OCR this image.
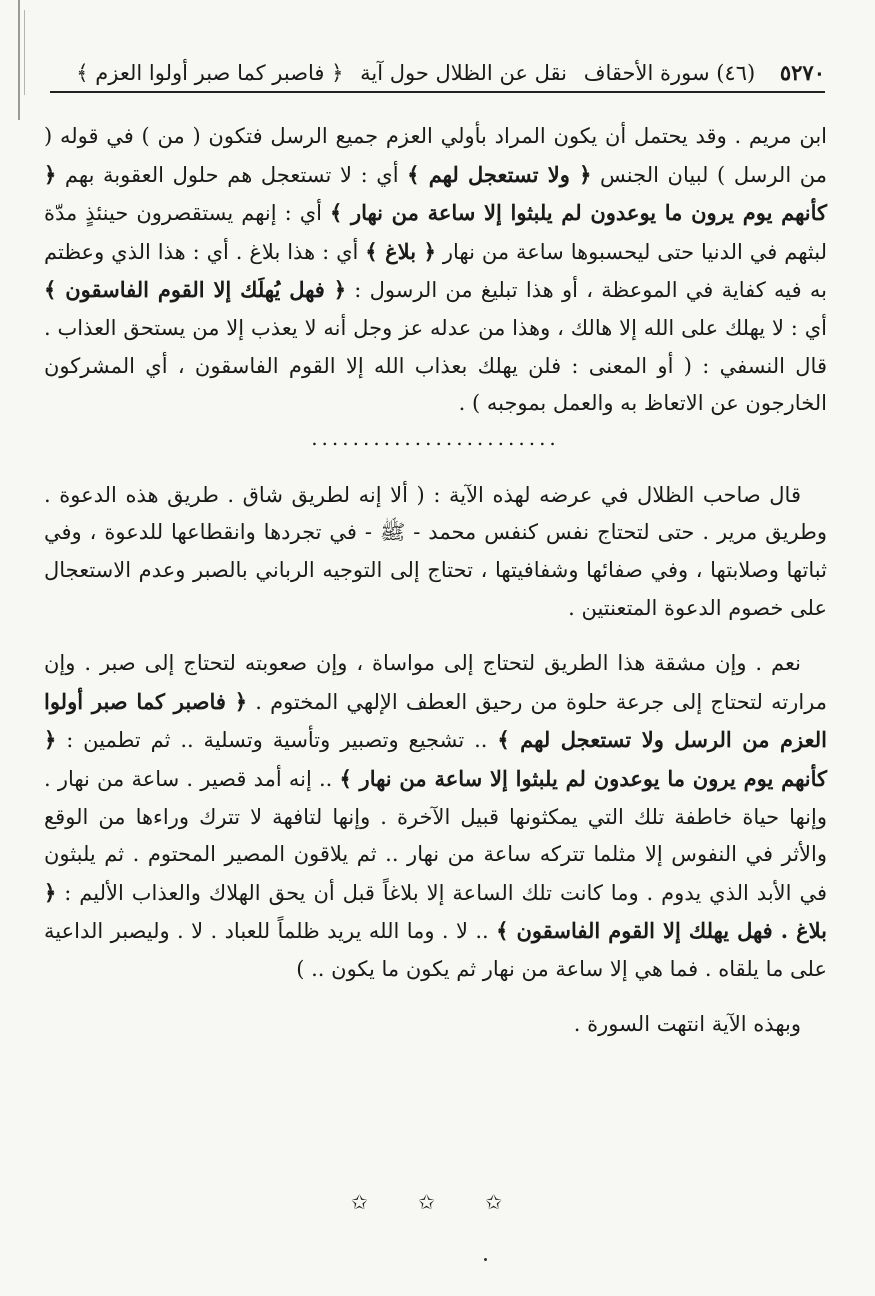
٥٢٧٠ (٤٦) سورة الأحقاف نقل عن الظلال حول آية ﴿ فاصبر كما صبر أولوا العزم ﴾
ابن مريم . وقد يحتمل أن يكون المراد بأولي العزم جميع الرسل فتكون ( من ) في قوله ( من الرسل ) لبيان الجنس ﴿ ولا تستعجل لهم ﴾ أي : لا تستعجل هم حلول العقوبة بهم ﴿ كأنهم يوم يرون ما يوعدون لم يلبثوا إلا ساعة من نهار ﴾ أي : إنهم يستقصرون حينئذٍ مدّة لبثهم في الدنيا حتى ليحسبوها ساعة من نهار ﴿ بلاغ ﴾ أي : هذا بلاغ . أي : هذا الذي وعظتم به فيه كفاية في الموعظة ، أو هذا تبليغ من الرسول : ﴿ فهل يُهلَك إلا القوم الفاسقون ﴾ أي : لا يهلك على الله إلا هالك ، وهذا من عدله عز وجل أنه لا يعذب إلا من يستحق العذاب . قال النسفي : ( أو المعنى : فلن يهلك بعذاب الله إلا القوم الفاسقون ، أي المشركون الخارجون عن الاتعاظ به والعمل بموجبه ) .
........................
قال صاحب الظلال في عرضه لهذه الآية : ( ألا إنه لطريق شاق . طريق هذه الدعوة . وطريق مرير . حتى لتحتاج نفس كنفس محمد - ﷺ - في تجردها وانقطاعها للدعوة ، وفي ثباتها وصلابتها ، وفي صفائها وشفافيتها ، تحتاج إلى التوجيه الرباني بالصبر وعدم الاستعجال على خصوم الدعوة المتعنتين .
نعم . وإن مشقة هذا الطريق لتحتاج إلى مواساة ، وإن صعوبته لتحتاج إلى صبر . وإن مرارته لتحتاج إلى جرعة حلوة من رحيق العطف الإلهي المختوم . ﴿ فاصبر كما صبر أولوا العزم من الرسل ولا تستعجل لهم ﴾ .. تشجيع وتصبير وتأسية وتسلية .. ثم تطمين : ﴿ كأنهم يوم يرون ما يوعدون لم يلبثوا إلا ساعة من نهار ﴾ .. إنه أمد قصير . ساعة من نهار . وإنها حياة خاطفة تلك التي يمكثونها قبيل الآخرة . وإنها لتافهة لا تترك وراءها من الوقع والأثر في النفوس إلا مثلما تتركه ساعة من نهار .. ثم يلاقون المصير المحتوم . ثم يلبثون في الأبد الذي يدوم . وما كانت تلك الساعة إلا بلاغاً قبل أن يحق الهلاك والعذاب الأليم : ﴿ بلاغ . فهل يهلك إلا القوم الفاسقون ﴾ .. لا . وما الله يريد ظلماً للعباد . لا . وليصبر الداعية على ما يلقاه . فما هي إلا ساعة من نهار ثم يكون ما يكون .. )
وبهذه الآية انتهت السورة .
✩ ✩ ✩
